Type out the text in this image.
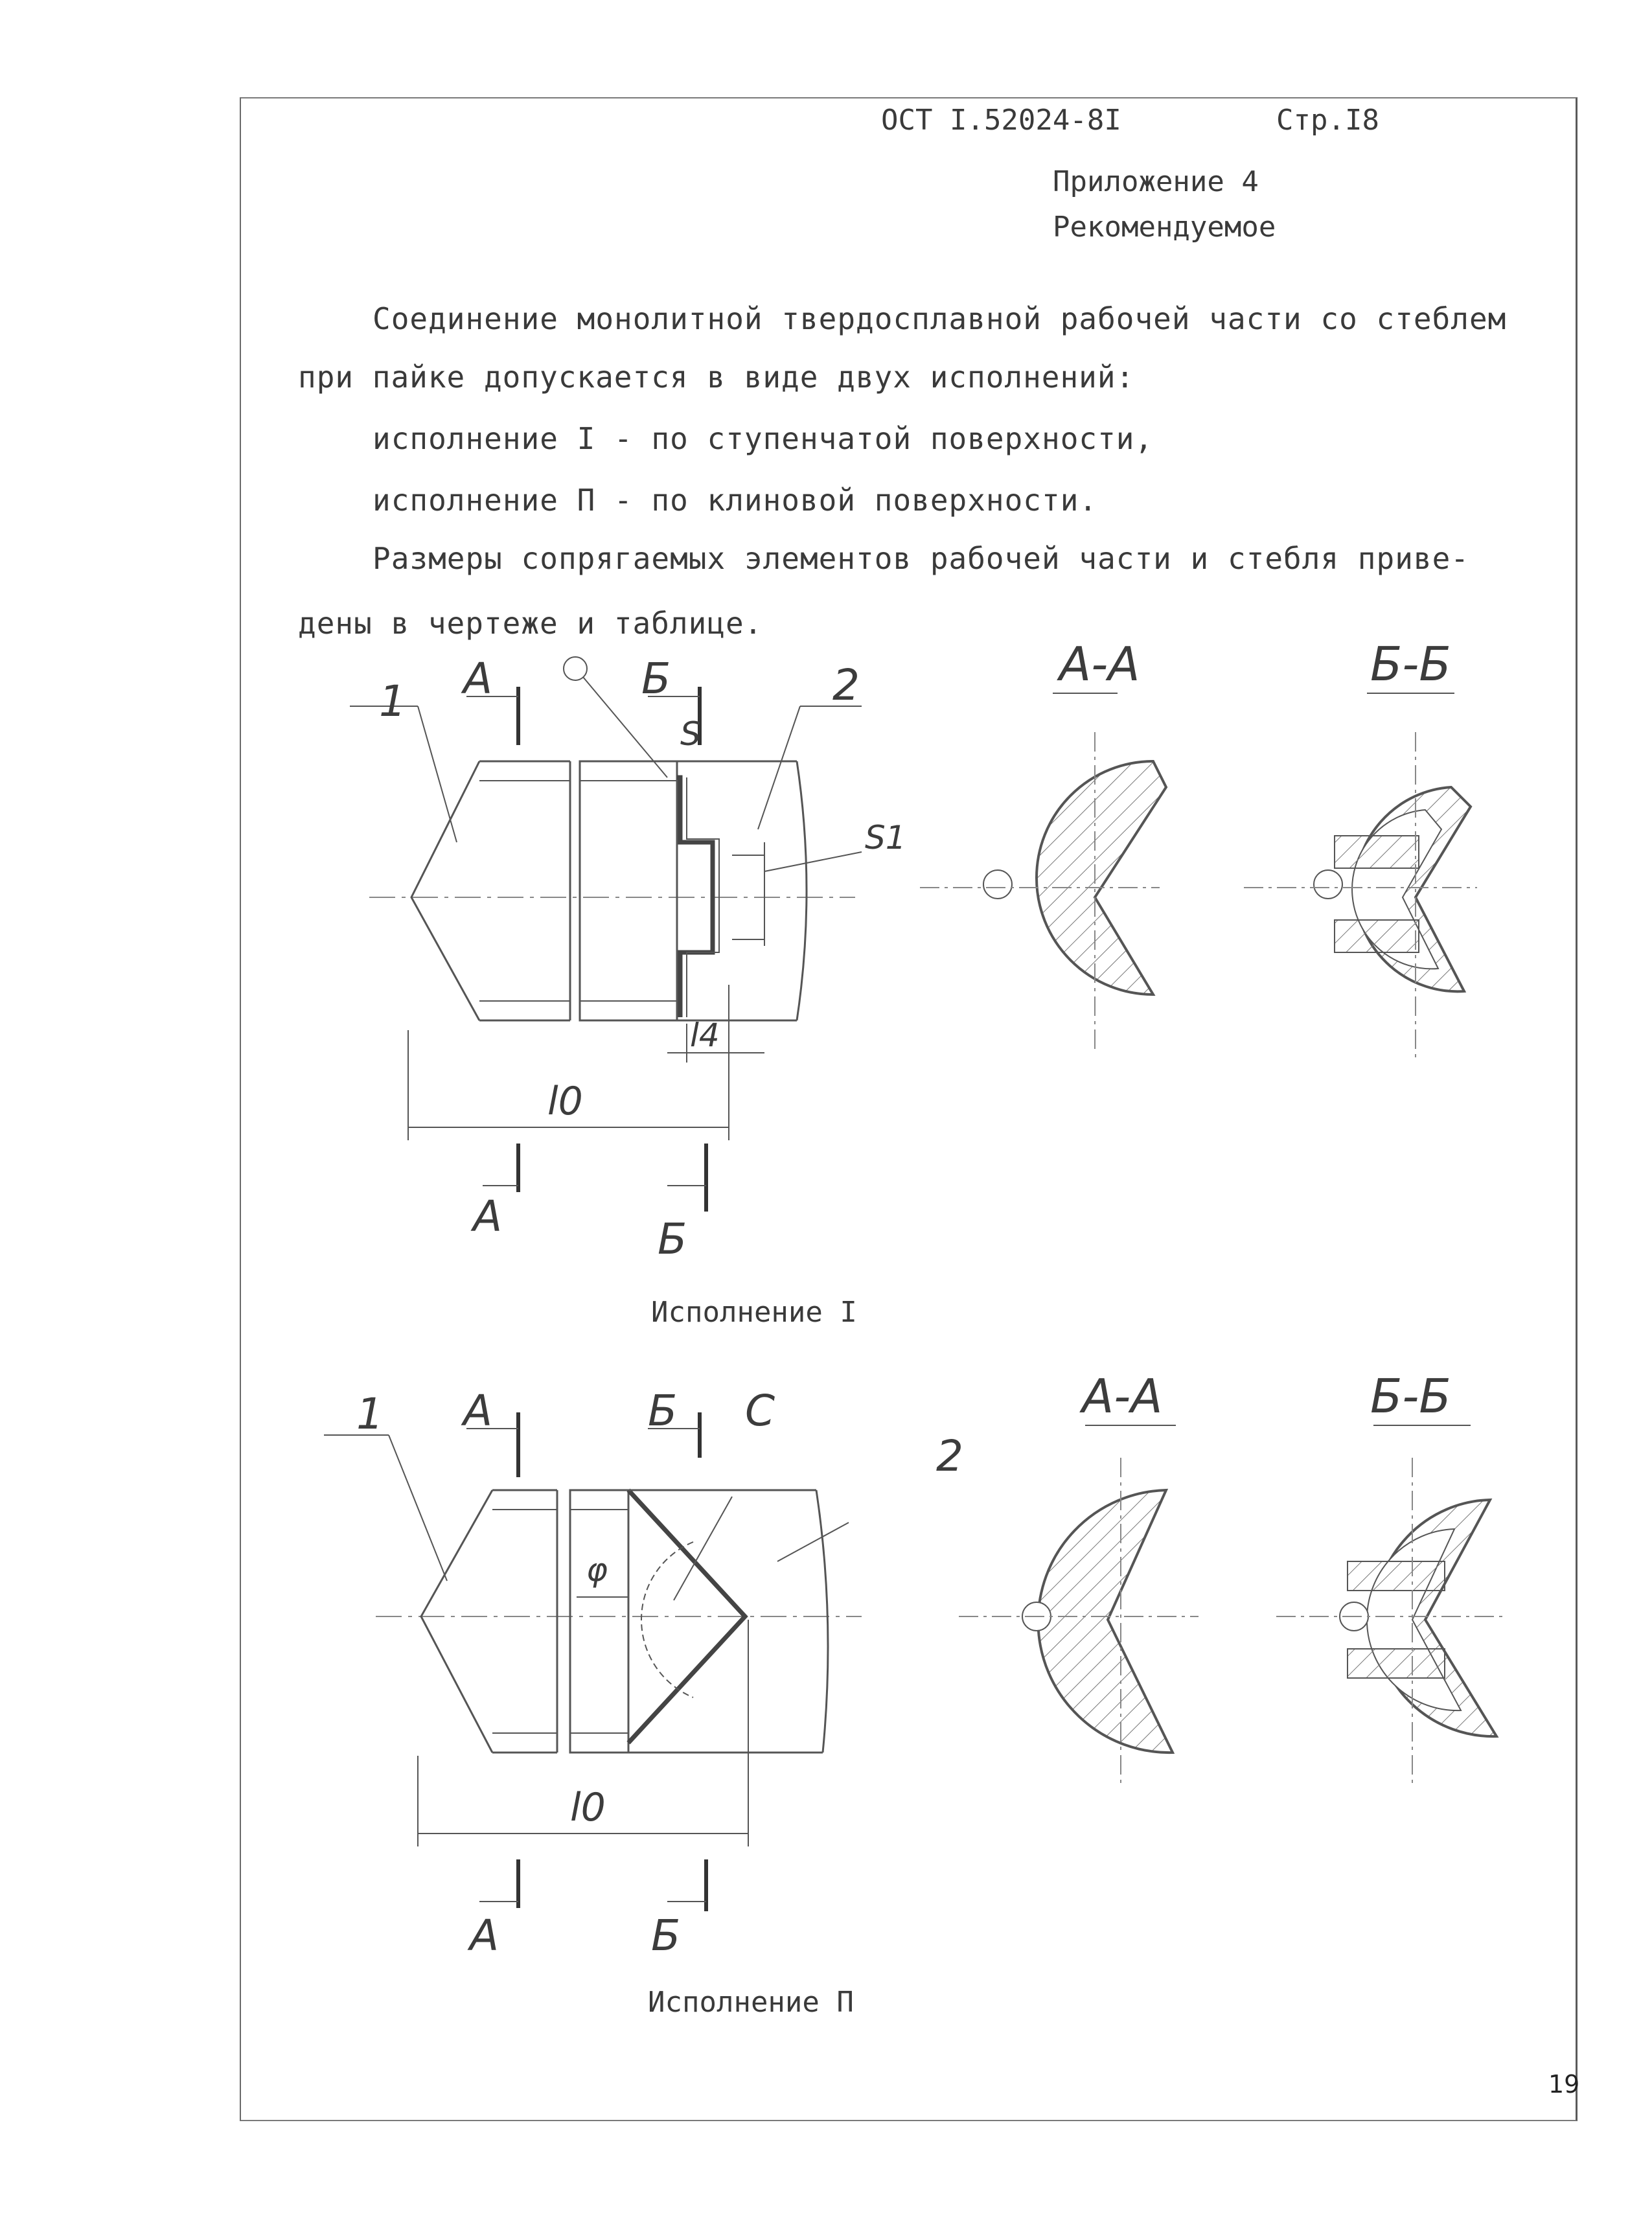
ОСТ I.52024-8I	Стр.I8
Приложение 4
Рекомендуемое
Соединение монолитной твердосплавной рабочей части со стеблем
при пайке допускается в виде двух исполнений:
исполнение I - по ступенчатой поверхности,
исполнение П - по клиновой поверхности.
Размеры сопрягаемых элементов рабочей части и стебля приве-
дены в чертеже и таблице.
А-А	Б-Б
1	2
А	Б
S
S1
l4
l0
А	Б
А-А	Б-Б
1
2
А	Б С
φ
l0
А	Б
Исполнение I
Исполнение П
19
